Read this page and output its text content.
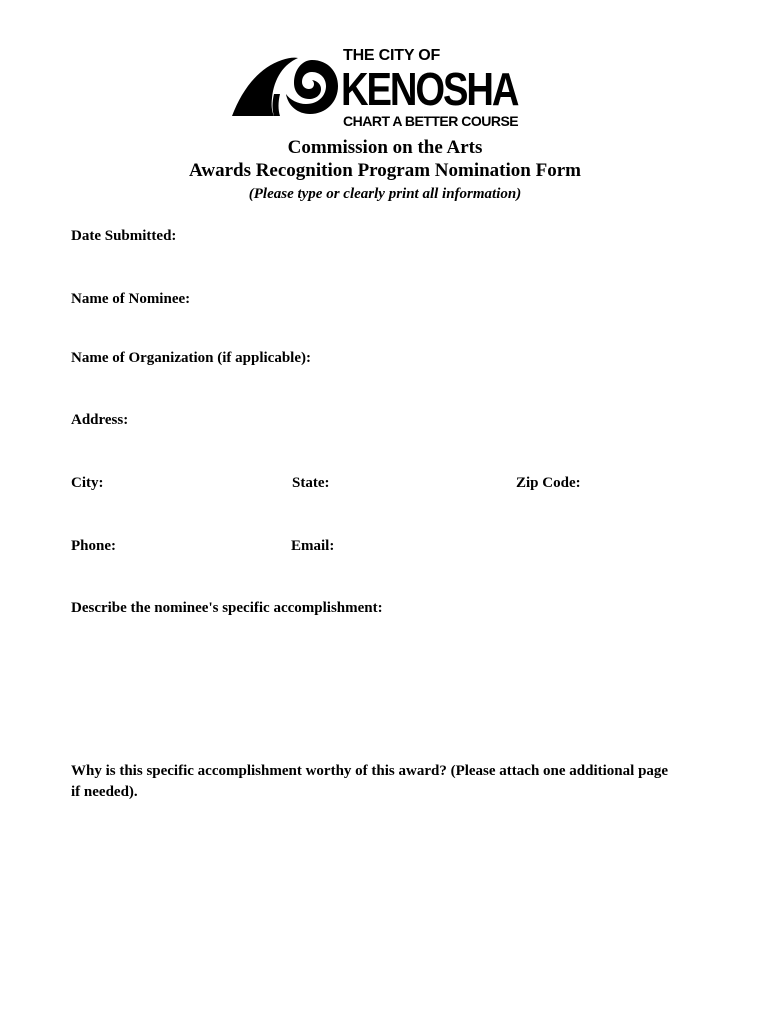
THE CITY OF
KENOSHA
CHART A BETTER COURSE
Commission on the Arts
Awards Recognition Program Nomination Form
(Please type or clearly print all information)
Date Submitted:
Name of Nominee:
Name of Organization (if applicable):
Address:
City:	State:	Zip Code:
Phone:	Email:
Describe the nominee's specific accomplishment:
Why is this specific accomplishment worthy of this award? (Please attach one additional page if needed).
